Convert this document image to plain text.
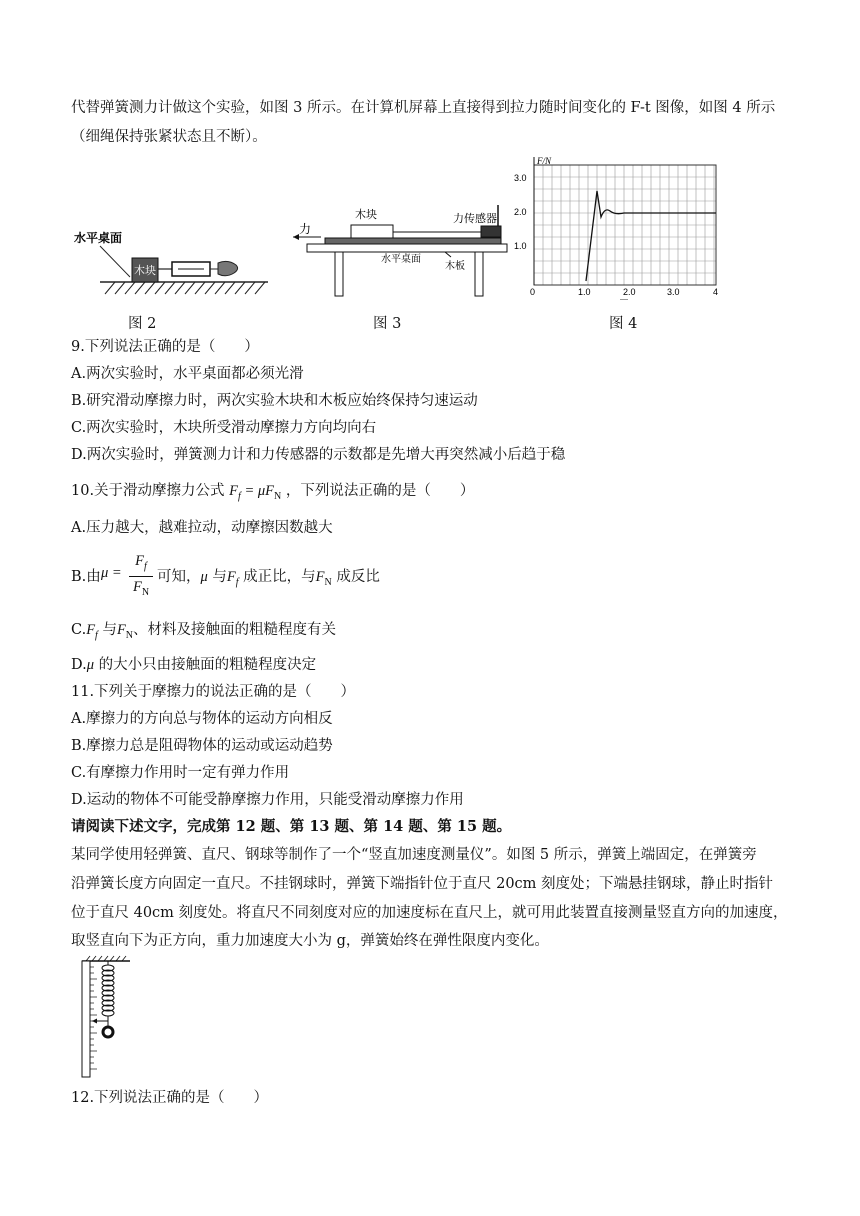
代替弹簧测力计做这个实验，如图 3 所示。在计算机屏幕上直接得到拉力随时间变化的 F-t 图像，如图 4 所示
（细绳保持张紧状态且不断）。
水平桌面
木块
图 2
力
木块	力传感器
水平桌面
木板
图 3
F/N
3.0
2.0
1.0
0	1.0	2.0	3.0	4
图 4
9.下列说法正确的是（　　）
A.两次实验时，水平桌面都必须光滑
B.研究滑动摩擦力时，两次实验木块和木板应始终保持匀速运动
C.两次实验时，木块所受滑动摩擦力方向均向右
D.两次实验时，弹簧测力计和力传感器的示数都是先增大再突然减小后趋于稳
10.关于滑动摩擦力公式 $F_f = \mu F_N$ ，下列说法正确的是（　　）
A.压力越大，越难拉动，动摩擦因数越大
B.由 μ =
$F_f$
$F_N$
可知，μ 与$F_f$ 成正比，与$F_N$ 成反比
$C.F_f$ 与$F_N$、材料及接触面的粗糙程度有关
D.μ 的大小只由接触面的粗糙程度决定
11.下列关于摩擦力的说法正确的是（　　）
A.摩擦力的方向总与物体的运动方向相反
B.摩擦力总是阻碍物体的运动或运动趋势
C.有摩擦力作用时一定有弹力作用
D.运动的物体不可能受静摩擦力作用，只能受滑动摩擦力作用
请阅读下述文字，完成第 12 题、第 13 题、第 14 题、第 15 题。
某同学使用轻弹簧、直尺、钢球等制作了一个“竖直加速度测量仪”。如图 5 所示，弹簧上端固定，在弹簧旁
沿弹簧长度方向固定一直尺。不挂钢球时，弹簧下端指针位于直尺 20cm 刻度处；下端悬挂钢球，静止时指针
位于直尺 40cm 刻度处。将直尺不同刻度对应的加速度标在直尺上，就可用此装置直接测量竖直方向的加速度，
取竖直向下为正方向，重力加速度大小为 g，弹簧始终在弹性限度内变化。
12.下列说法正确的是（　　）
